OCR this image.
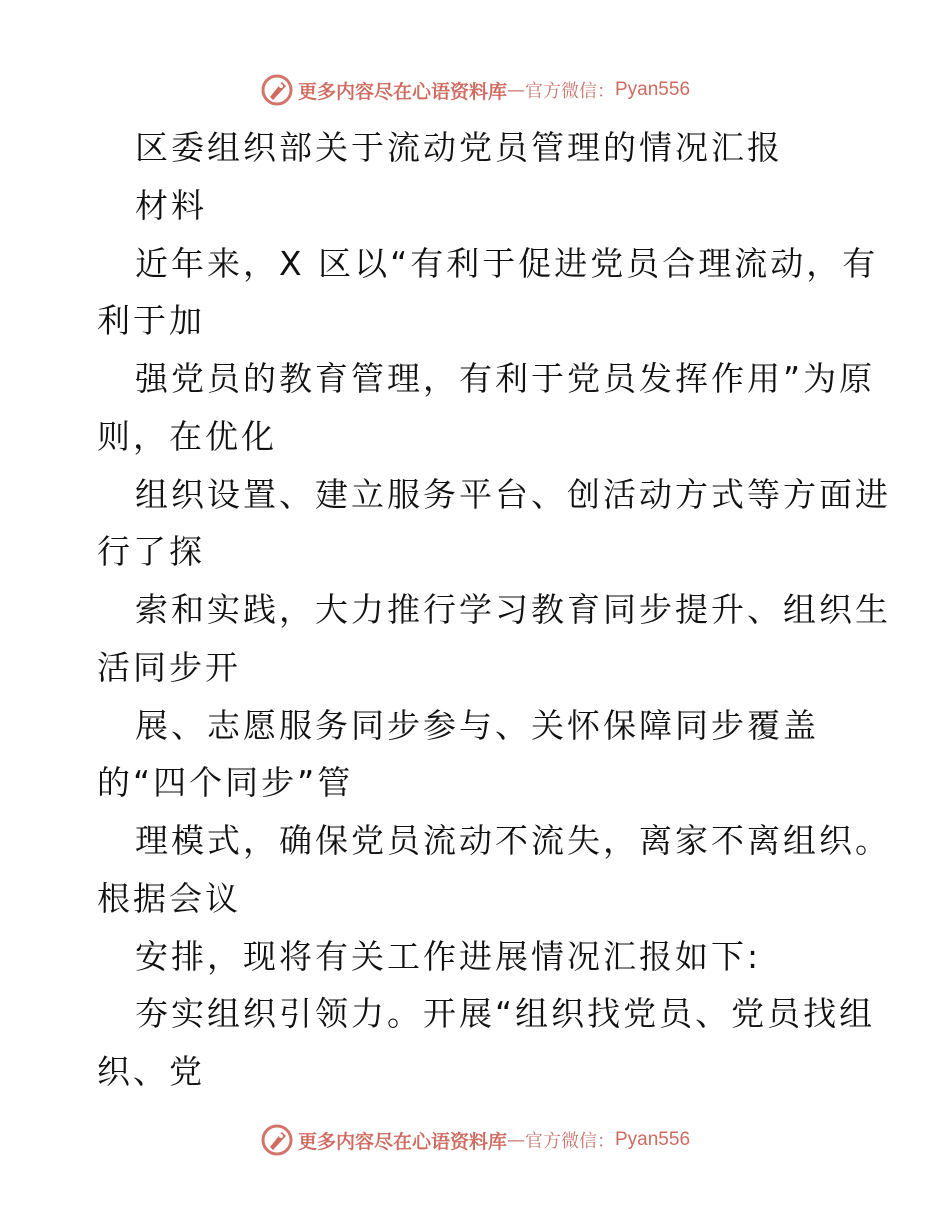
更多内容尽在心语资料库 — 官方微信： Pyan556
区委组织部关于流动党员管理的情况汇报
材料
近年来，X 区以“有利于促进党员合理流动，有
利于加
强党员的教育管理，有利于党员发挥作用”为原
则，在优化
组织设置、建立服务平台、创活动方式等方面进
行了探
索和实践，大力推行学习教育同步提升、组织生
活同步开
展、志愿服务同步参与、关怀保障同步覆盖
的“四个同步”管
理模式，确保党员流动不流失，离家不离组织。
根据会议
安排，现将有关工作进展情况汇报如下:
夯实组织引领力。开展“组织找党员、党员找组
织、党
更多内容尽在心语资料库 — 官方微信： Pyan556
